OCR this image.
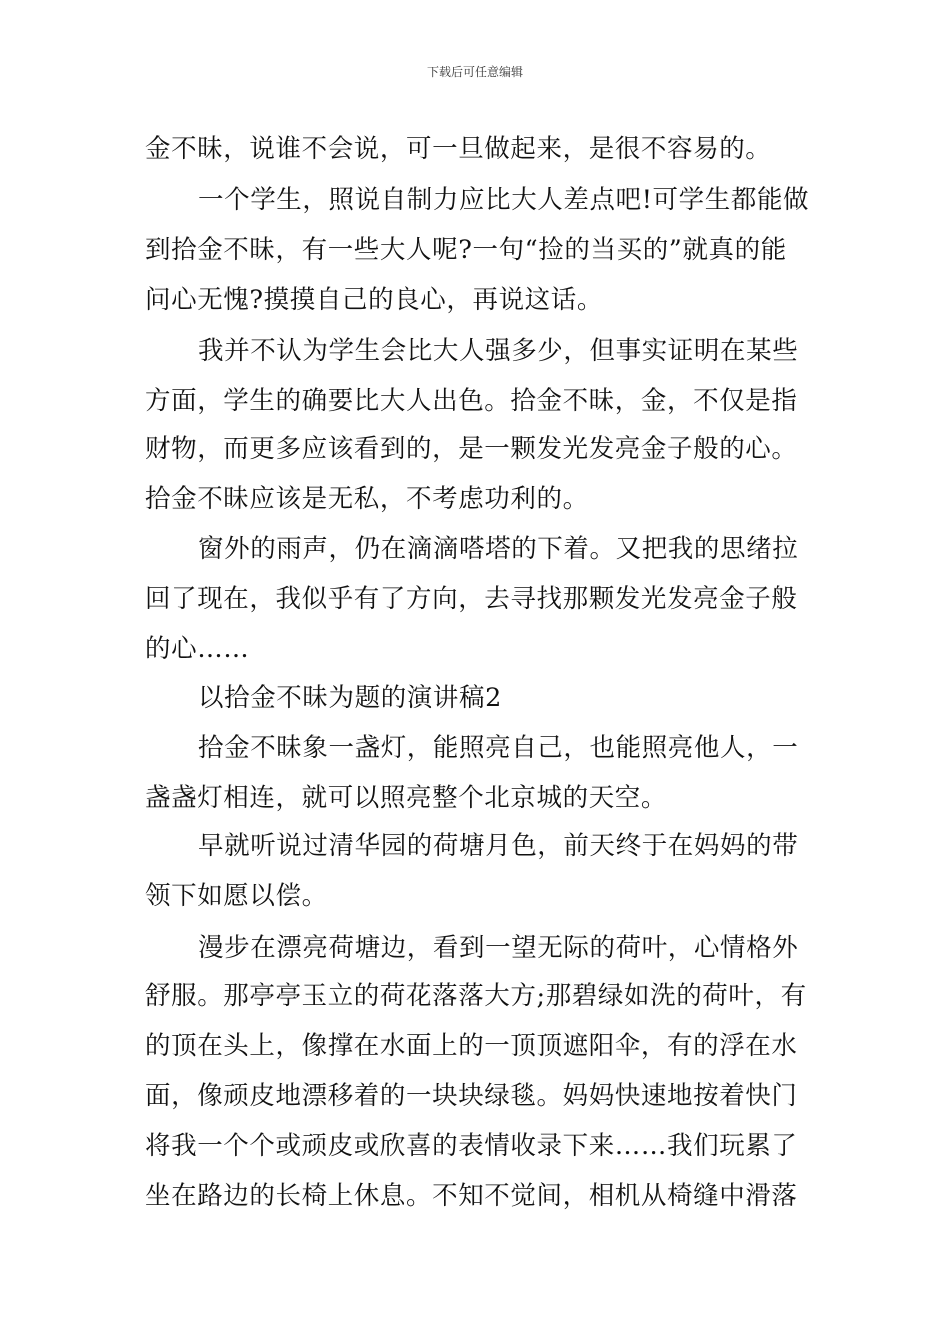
下载后可任意编辑
金不昧，说谁不会说，可一旦做起来，是很不容易的。
一个学生，照说自制力应比大人差点吧!可学生都能做
到拾金不昧，有一些大人呢?一句“捡的当买的”就真的能
问心无愧?摸摸自己的良心，再说这话。
我并不认为学生会比大人强多少，但事实证明在某些
方面，学生的确要比大人出色。拾金不昧，金，不仅是指
财物，而更多应该看到的，是一颗发光发亮金子般的心。
拾金不昧应该是无私，不考虑功利的。
窗外的雨声，仍在滴滴嗒塔的下着。又把我的思绪拉
回了现在，我似乎有了方向，去寻找那颗发光发亮金子般
的心……
以拾金不昧为题的演讲稿2
拾金不昧象一盏灯，能照亮自己，也能照亮他人，一
盏盏灯相连，就可以照亮整个北京城的天空。
早就听说过清华园的荷塘月色，前天终于在妈妈的带
领下如愿以偿。
漫步在漂亮荷塘边，看到一望无际的荷叶，心情格外
舒服。那亭亭玉立的荷花落落大方;那碧绿如洗的荷叶，有
的顶在头上，像撑在水面上的一顶顶遮阳伞，有的浮在水
面，像顽皮地漂移着的一块块绿毯。妈妈快速地按着快门
将我一个个或顽皮或欣喜的表情收录下来……我们玩累了
坐在路边的长椅上休息。不知不觉间，相机从椅缝中滑落
